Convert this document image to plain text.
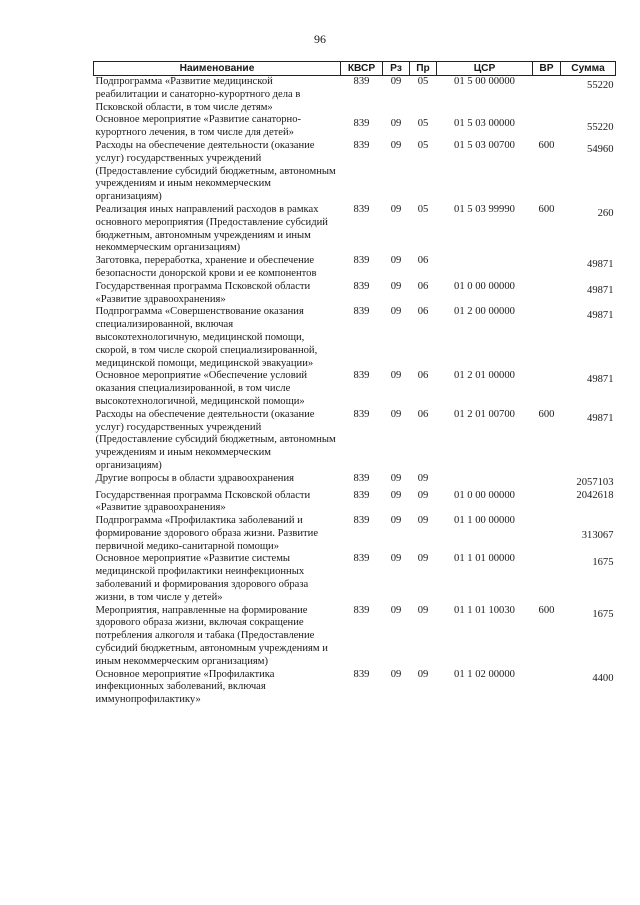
96
Наименование	КВСР	Рз	Пр	ЦСР	ВР	Сумма
Подпрограмма «Развитие медицинской реабилитации и санаторно-курортного дела в Псковской области, в том числе детям»	839	09	05	01 5 00 00000		55220
Основное мероприятие «Развитие санаторно-курортного лечения, в том числе для детей»	839	09	05	01 5 03 00000		55220
Расходы на обеспечение деятельности (оказание услуг) государственных учреждений (Предоставление субсидий бюджетным, автономным учреждениям и иным некоммерческим организациям)	839	09	05	01 5 03 00700	600	54960
Реализация иных направлений расходов в рамках основного мероприятия (Предоставление субсидий бюджетным, автономным учреждениям и иным некоммерческим организациям)	839	09	05	01 5 03 99990	600	260
Заготовка, переработка, хранение и обеспечение безопасности донорской крови и ее компонентов	839	09	06			49871
Государственная программа Псковской области «Развитие здравоохранения»	839	09	06	01 0 00 00000		49871
Подпрограмма «Совершенствование оказания специализированной, включая высокотехнологичную, медицинской помощи, скорой, в том числе скорой специализированной, медицинской помощи, медицинской эвакуации»	839	09	06	01 2 00 00000		49871
Основное мероприятие «Обеспечение условий оказания специализированной, в том числе высокотехнологичной, медицинской помощи»	839	09	06	01 2 01 00000		49871
Расходы на обеспечение деятельности (оказание услуг) государственных учреждений (Предоставление субсидий бюджетным, автономным учреждениям и иным некоммерческим организациям)	839	09	06	01 2 01 00700	600	49871
Другие вопросы в области здравоохранения	839	09	09			2057103
Государственная программа Псковской области «Развитие здравоохранения»	839	09	09	01 0 00 00000		2042618
Подпрограмма «Профилактика заболеваний и формирование здорового образа жизни. Развитие первичной медико-санитарной помощи»	839	09	09	01 1 00 00000		313067
Основное мероприятие «Развитие системы медицинской профилактики неинфекционных заболеваний и формирования здорового образа жизни, в том числе у детей»	839	09	09	01 1 01 00000		1675
Мероприятия, направленные на формирование здорового образа жизни, включая сокращение потребления алкоголя и табака (Предоставление субсидий бюджетным, автономным учреждениям и иным некоммерческим организациям)	839	09	09	01 1 01 10030	600	1675
Основное мероприятие «Профилактика инфекционных заболеваний, включая иммунопрофилактику»	839	09	09	01 1 02 00000		4400
